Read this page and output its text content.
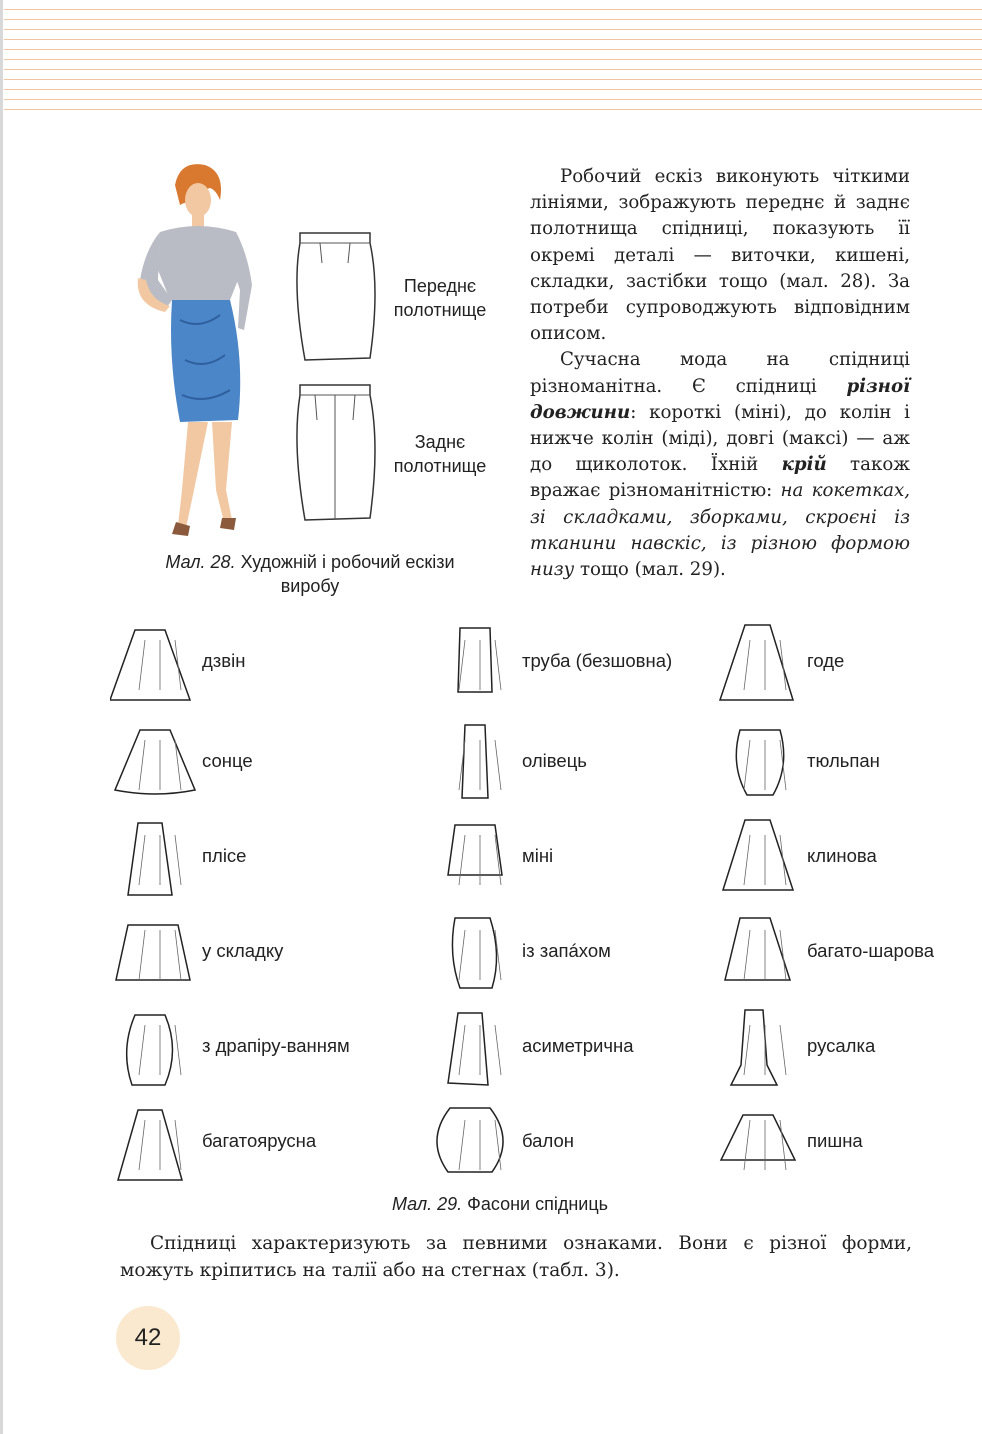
Переднє полотнище
Заднє полотнище
Мал. 28. Художній і робочий ескізи виробу

Робочий ескіз виконують чіткими лініями, зображують переднє й заднє полотнища спідниці, показують її окремі деталі — виточки, кишені, складки, застібки тощо (мал. 28). За потреби супроводжують відповідним описом.

Сучасна мода на спідниці різноманітна. Є спідниці різної довжини: короткі (міні), до колін і нижче колін (міді), довгі (максі) — аж до щиколоток. Їхній крій також вражає різноманітністю: на кокетках, зі складками, зборками, скроєні із тканини навскіс, із різною формою низу тощо (мал. 29).

дзвін	труба (безшовна)	годе
сонце	олівець	тюльпан
плісе	міні	клинова
у складку	із запáхом	багато-шарова
з драпіру-ванням	асиметрична	русалка
багатоярусна	балон	пишна
Мал. 29. Фасони спідниць

Спідниці характеризують за певними ознаками. Вони є різної форми, можуть кріпитись на талії або на стегнах (табл. 3).

42
